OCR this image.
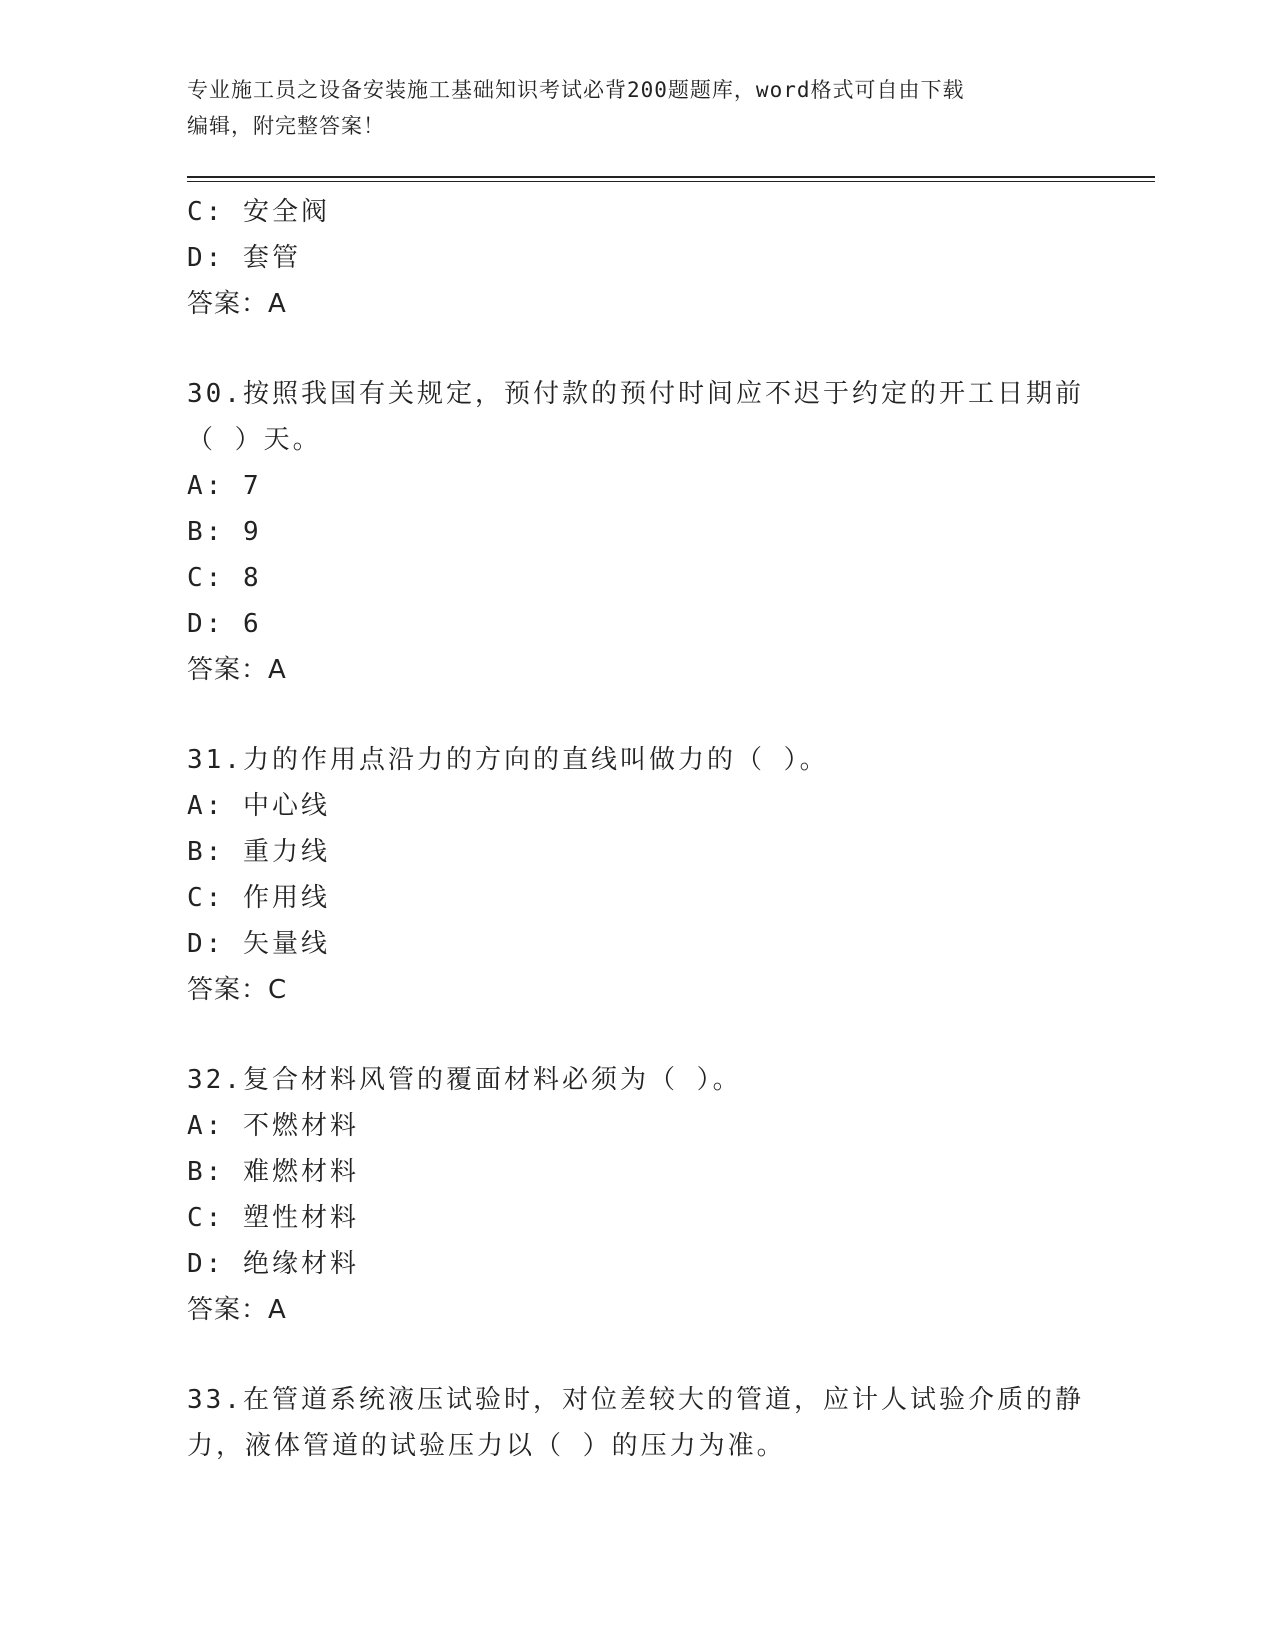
专业施工员之设备安装施工基础知识考试必背200题题库，word格式可自由下载
编辑，附完整答案！
C: 安全阀
D: 套管
答案：A
30.按照我国有关规定，预付款的预付时间应不迟于约定的开工日期前
（ ）天。
A: 7
B: 9
C: 8
D: 6
答案：A
31.力的作用点沿力的方向的直线叫做力的（ ）。
A: 中心线
B: 重力线
C: 作用线
D: 矢量线
答案：C
32.复合材料风管的覆面材料必须为（ ）。
A: 不燃材料
B: 难燃材料
C: 塑性材料
D: 绝缘材料
答案：A
33.在管道系统液压试验时，对位差较大的管道，应计人试验介质的静
力，液体管道的试验压力以（ ）的压力为准。
